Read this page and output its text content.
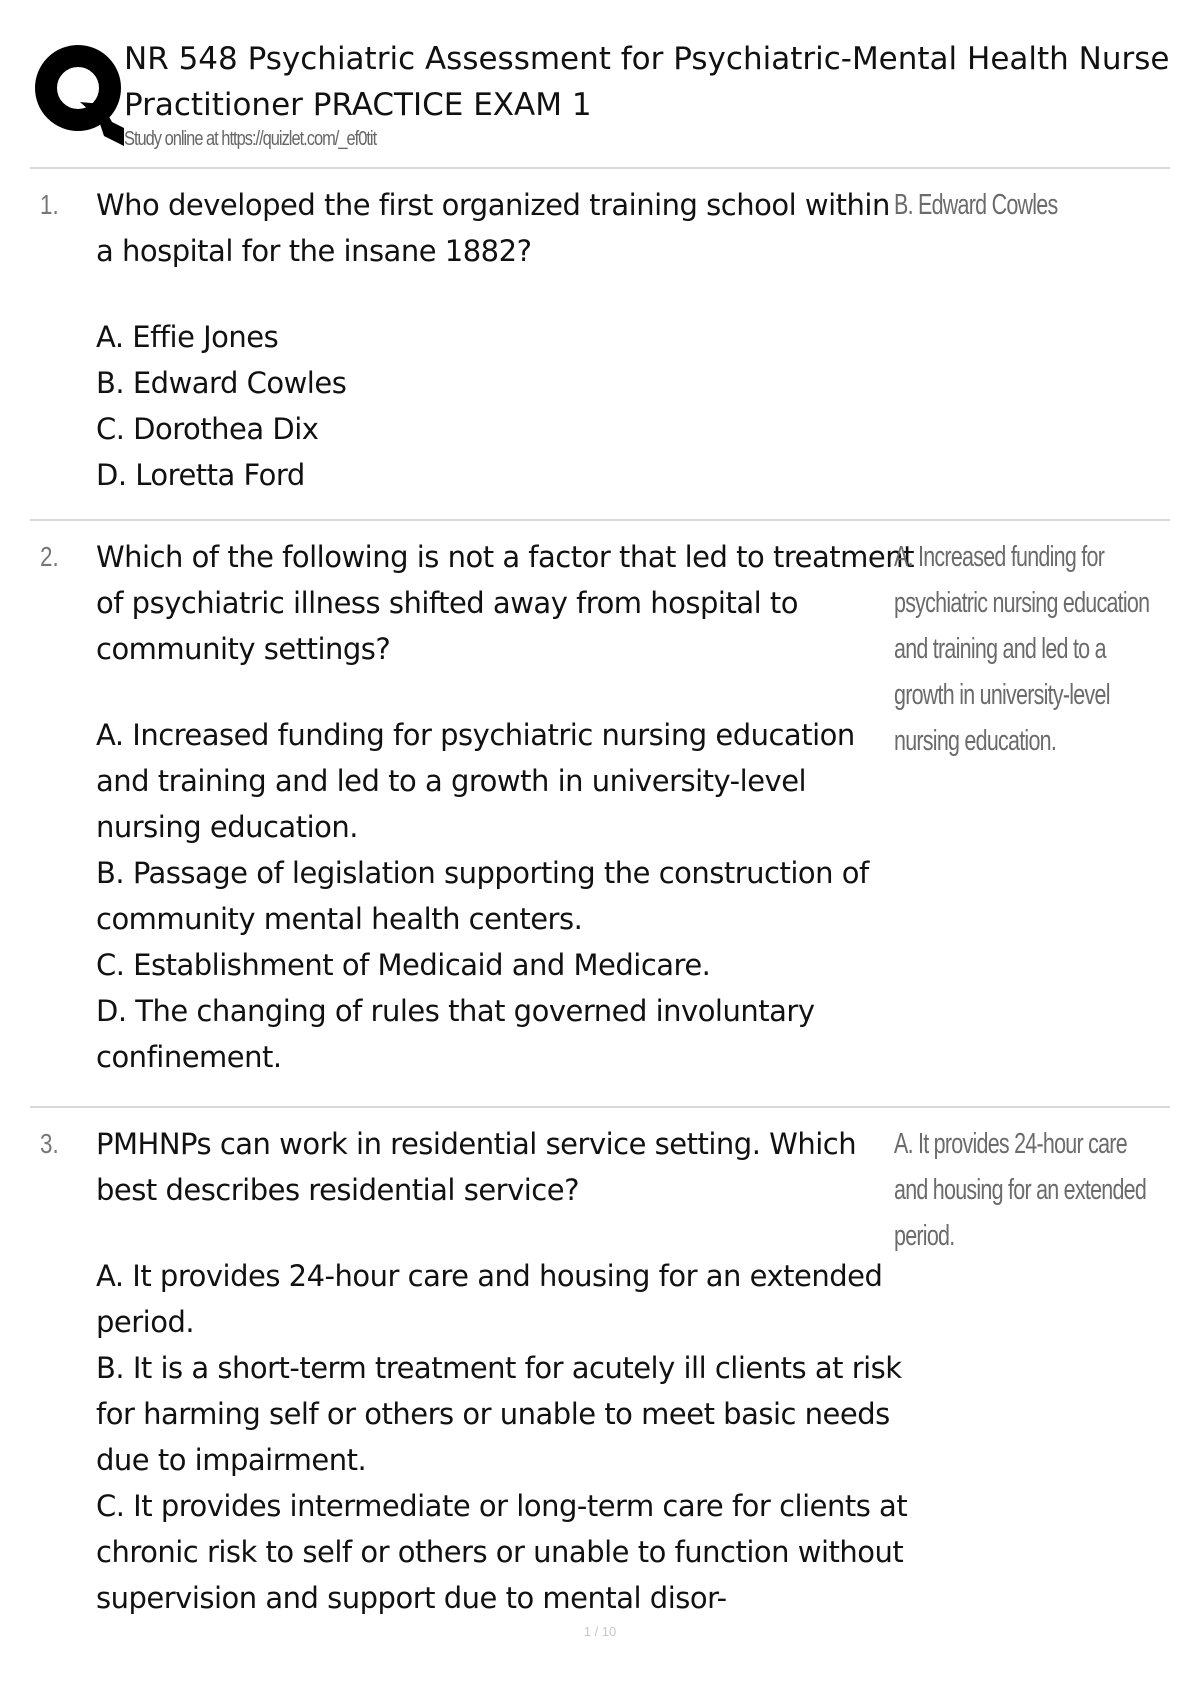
NR 548 Psychiatric Assessment for Psychiatric-Mental Health Nurse Practitioner PRACTICE EXAM 1
Study online at https://quizlet.com/_ef0tit
1. Who developed the first organized training school within a hospital for the insane 1882?
A. Effie Jones
B. Edward Cowles
C. Dorothea Dix
D. Loretta Ford
B. Edward Cowles
2. Which of the following is not a factor that led to treatment of psychiatric illness shifted away from hospital to community settings?
A. Increased funding for psychiatric nursing education and training and led to a growth in university-level nursing education.
B. Passage of legislation supporting the construction of community mental health centers.
C. Establishment of Medicaid and Medicare.
D. The changing of rules that governed involuntary confinement.
A. Increased funding for psychiatric nursing education and training and led to a growth in university-level nursing education.
3. PMHNPs can work in residential service setting. Which best describes residential service?
A. It provides 24-hour care and housing for an extended period.
B. It is a short-term treatment for acutely ill clients at risk for harming self or others or unable to meet basic needs due to impairment.
C. It provides intermediate or long-term care for clients at chronic risk to self or others or unable to function without supervision and support due to mental disor-
A. It provides 24-hour care and housing for an extended period.
1 / 10
